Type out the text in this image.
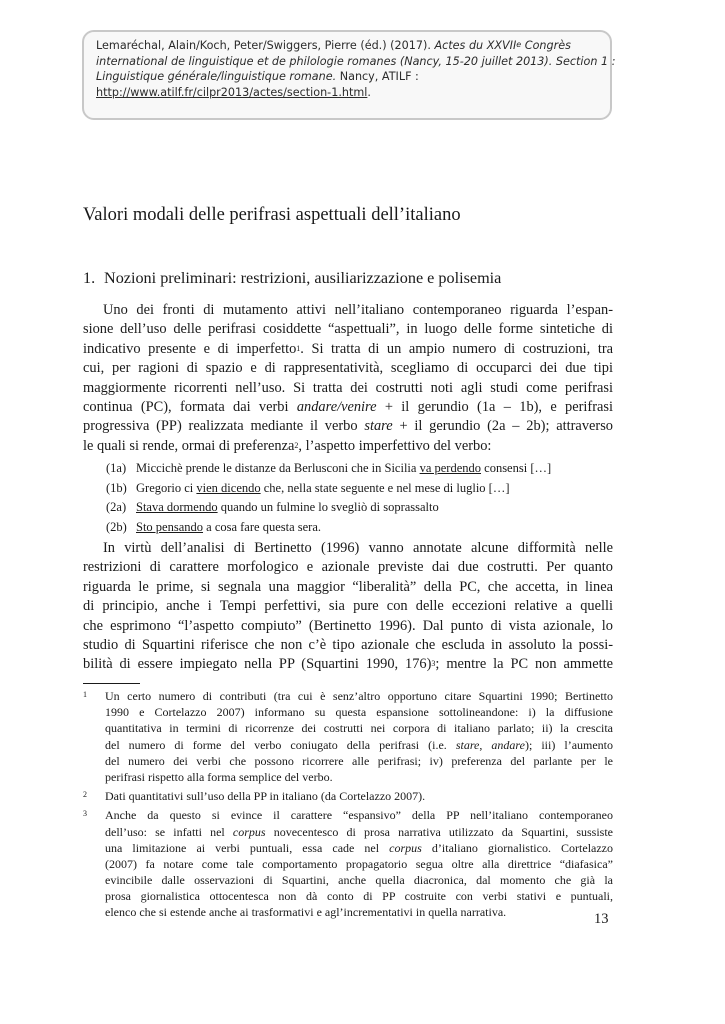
Lemaréchal, Alain/Koch, Peter/Swiggers, Pierre (éd.) (2017). Actes du XXVIIe Congrès
international de linguistique et de philologie romanes (Nancy, 15-20 juillet 2013). Section 1 :
Linguistique générale/linguistique romane. Nancy, ATILF :
http://www.atilf.fr/cilpr2013/actes/section-1.html.
Valori modali delle perifrasi aspettuali dell’italiano
1. Nozioni preliminari: restrizioni, ausiliarizzazione e polisemia
Uno dei fronti di mutamento attivi nell’italiano contemporaneo riguarda l’espan-
sione dell’uso delle perifrasi cosiddette “aspettuali”, in luogo delle forme sintetiche di
indicativo presente e di imperfetto$^1$. Si tratta di un ampio numero di costruzioni, tra
cui, per ragioni di spazio e di rappresentatività, scegliamo di occuparci dei due tipi
maggiormente ricorrenti nell’uso. Si tratta dei costrutti noti agli studi come perifrasi
continua (PC), formata dai verbi andare/venire + il gerundio (1a – 1b), e perifrasi
progressiva (PP) realizzata mediante il verbo stare + il gerundio (2a – 2b); attraverso
le quali si rende, ormai di preferenza$^2$, l’aspetto imperfettivo del verbo:
(1a) Miccichè prende le distanze da Berlusconi che in Sicilia va perdendo consensi […]
(1b) Gregorio ci vien dicendo che, nella state seguente e nel mese di luglio […]
(2a) Stava dormendo quando un fulmine lo svegliò di soprassalto
(2b) Sto pensando a cosa fare questa sera.
In virtù dell’analisi di Bertinetto (1996) vanno annotate alcune difformità nelle
restrizioni di carattere morfologico e azionale previste dai due costrutti. Per quanto
riguarda le prime, si segnala una maggior “liberalità” della PC, che accetta, in linea
di principio, anche i Tempi perfettivi, sia pure con delle eccezioni relative a quelli
che esprimono “l’aspetto compiuto” (Bertinetto 1996). Dal punto di vista azionale, lo
studio di Squartini riferisce che non c’è tipo azionale che escluda in assoluto la possi-
bilità di essere impiegato nella PP (Squartini 1990, 176)$^3$; mentre la PC non ammette
1 Un certo numero di contributi (tra cui è senz’altro opportuno citare Squartini 1990; Bertinetto
1990 e Cortelazzo 2007) informano su questa espansione sottolineandone: i) la diffusione
quantitativa in termini di ricorrenze dei costrutti nei corpora di italiano parlato; ii) la crescita
del numero di forme del verbo coniugato della perifrasi (i.e. stare, andare); iii) l’aumento
del numero dei verbi che possono ricorrere alle perifrasi; iv) preferenza del parlante per le
perifrasi rispetto alla forma semplice del verbo.
2 Dati quantitativi sull’uso della PP in italiano (da Cortelazzo 2007).
3 Anche da questo si evince il carattere “espansivo” della PP nell’italiano contemporaneo
dell’uso: se infatti nel corpus novecentesco di prosa narrativa utilizzato da Squartini, sussiste
una limitazione ai verbi puntuali, essa cade nel corpus d’italiano giornalistico. Cortelazzo
(2007) fa notare come tale comportamento propagatorio segua oltre alla direttrice “diafasica”
evincibile dalle osservazioni di Squartini, anche quella diacronica, dal momento che già la
prosa giornalistica ottocentesca non dà conto di PP costruite con verbi stativi e puntuali,
elenco che si estende anche ai trasformativi e agl’incrementativi in quella narrativa.	13
